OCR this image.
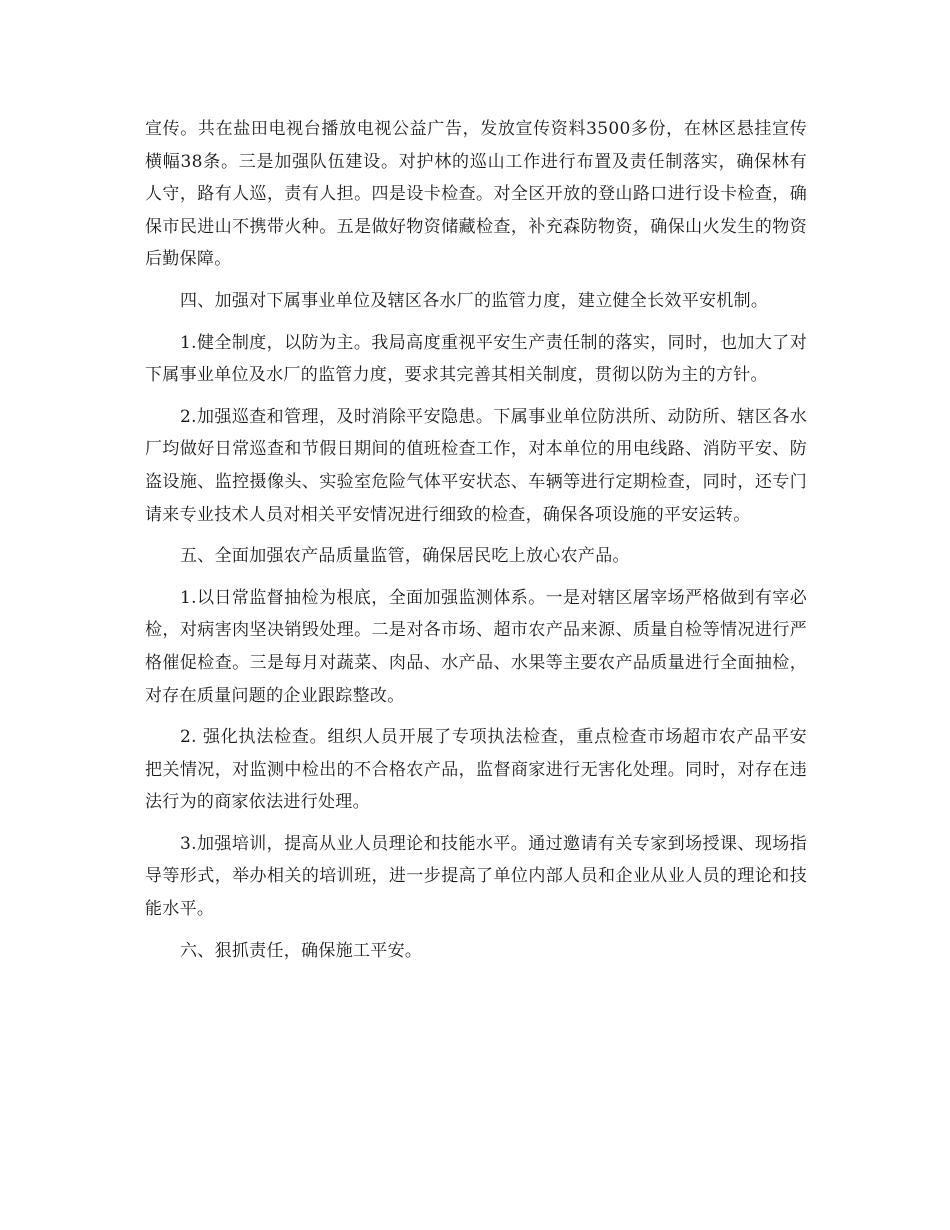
宣传。共在盐田电视台播放电视公益广告，发放宣传资料3500多份，在林区悬挂宣传横幅38条。三是加强队伍建设。对护林的巡山工作进行布置及责任制落实，确保林有人守，路有人巡，责有人担。四是设卡检查。对全区开放的登山路口进行设卡检查，确保市民进山不携带火种。五是做好物资储藏检查，补充森防物资，确保山火发生的物资后勤保障。

四、加强对下属事业单位及辖区各水厂的监管力度，建立健全长效平安机制。

1.健全制度，以防为主。我局高度重视平安生产责任制的落实，同时，也加大了对下属事业单位及水厂的监管力度，要求其完善其相关制度，贯彻以防为主的方针。

2.加强巡查和管理，及时消除平安隐患。下属事业单位防洪所、动防所、辖区各水厂均做好日常巡查和节假日期间的值班检查工作，对本单位的用电线路、消防平安、防盗设施、监控摄像头、实验室危险气体平安状态、车辆等进行定期检查，同时，还专门请来专业技术人员对相关平安情况进行细致的检查，确保各项设施的平安运转。

五、全面加强农产品质量监管，确保居民吃上放心农产品。

1.以日常监督抽检为根底，全面加强监测体系。一是对辖区屠宰场严格做到有宰必检，对病害肉坚决销毁处理。二是对各市场、超市农产品来源、质量自检等情况进行严格催促检查。三是每月对蔬菜、肉品、水产品、水果等主要农产品质量进行全面抽检，对存在质量问题的企业跟踪整改。

2. 强化执法检查。组织人员开展了专项执法检查，重点检查市场超市农产品平安把关情况，对监测中检出的不合格农产品，监督商家进行无害化处理。同时，对存在违法行为的商家依法进行处理。

3.加强培训，提高从业人员理论和技能水平。通过邀请有关专家到场授课、现场指导等形式，举办相关的培训班，进一步提高了单位内部人员和企业从业人员的理论和技能水平。

六、狠抓责任，确保施工平安。
